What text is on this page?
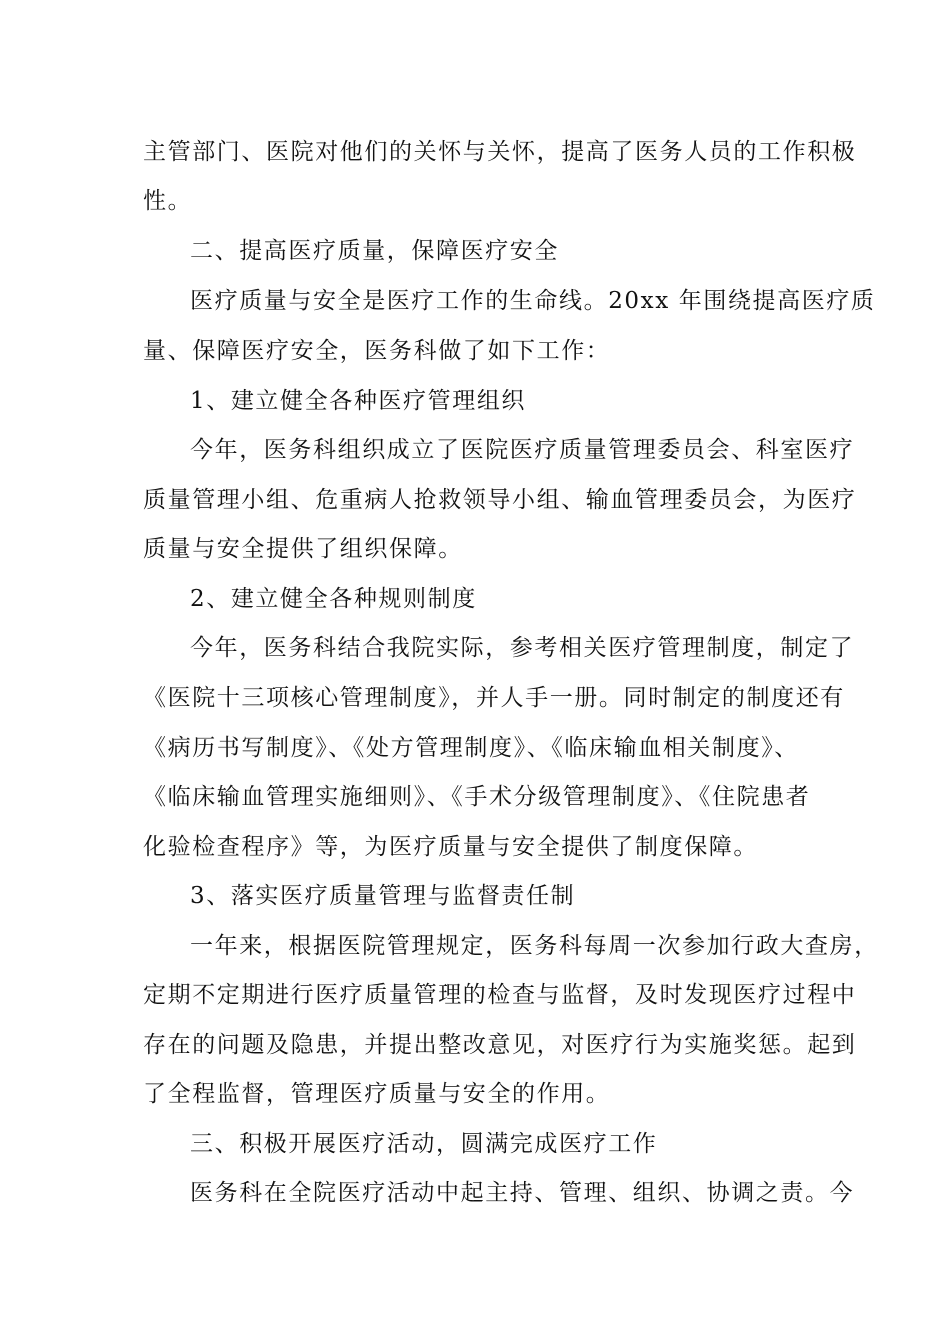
主管部门、医院对他们的关怀与关怀，提高了医务人员的工作积极
性。
二、提高医疗质量，保障医疗安全
医疗质量与安全是医疗工作的生命线。20xx 年围绕提高医疗质
量、保障医疗安全，医务科做了如下工作：
1、建立健全各种医疗管理组织
今年，医务科组织成立了医院医疗质量管理委员会、科室医疗
质量管理小组、危重病人抢救领导小组、输血管理委员会，为医疗
质量与安全提供了组织保障。
2、建立健全各种规则制度
今年，医务科结合我院实际，参考相关医疗管理制度，制定了
《医院十三项核心管理制度》，并人手一册。同时制定的制度还有
《病历书写制度》、《处方管理制度》、《临床输血相关制度》、
《临床输血管理实施细则》、《手术分级管理制度》、《住院患者
化验检查程序》等，为医疗质量与安全提供了制度保障。
3、落实医疗质量管理与监督责任制
一年来，根据医院管理规定，医务科每周一次参加行政大查房，
定期不定期进行医疗质量管理的检查与监督，及时发现医疗过程中
存在的问题及隐患，并提出整改意见，对医疗行为实施奖惩。起到
了全程监督，管理医疗质量与安全的作用。
三、积极开展医疗活动，圆满完成医疗工作
医务科在全院医疗活动中起主持、管理、组织、协调之责。今
